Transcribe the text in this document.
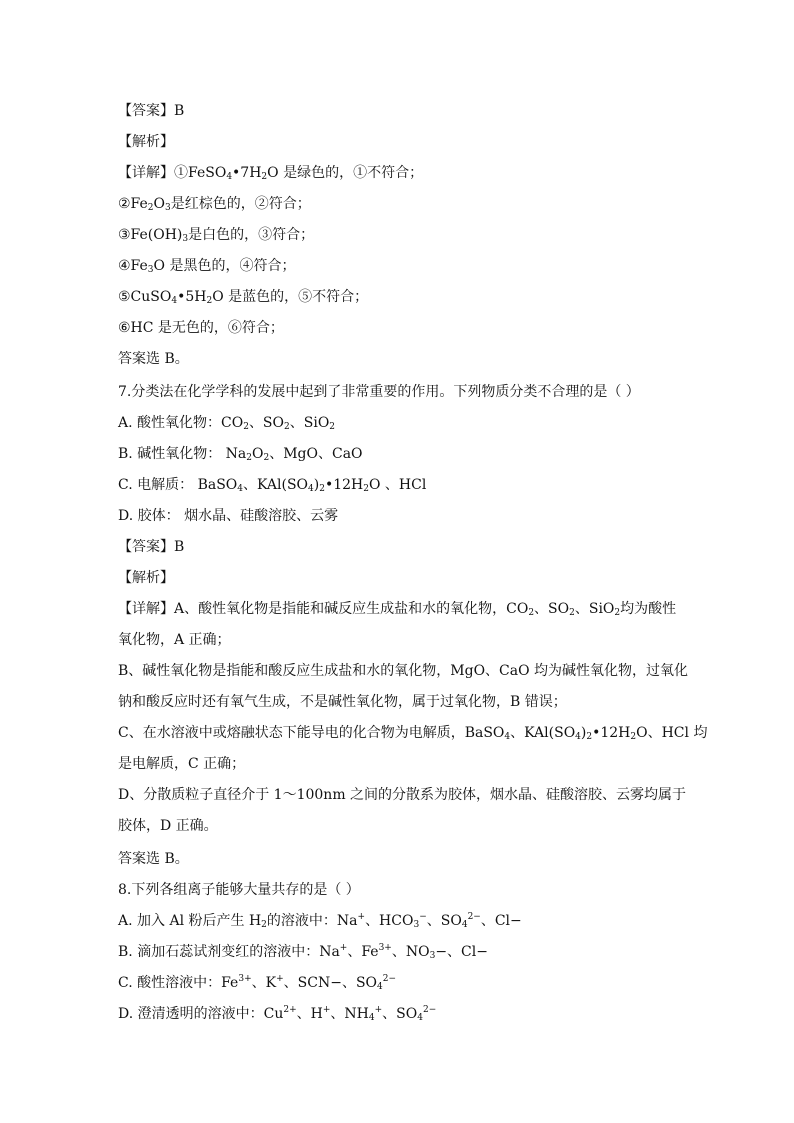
【答案】B
【解析】
【详解】$①FeSO_4•7H_2O$ 是绿色的，①不符合；
$②Fe_2O_3$是红棕色的，②符合；
$③Fe(OH)_3$是白色的，③符合；
$④Fe_3O$ 是黑色的，④符合；
$⑤CuSO_4•5H_2O$ 是蓝色的，⑤不符合；
⑥HC 是无色的，⑥符合；
答案选 B。
7.分类法在化学学科的发展中起到了非常重要的作用。下列物质分类不合理的是（ ）
A. 酸性氧化物：$CO_2$、$SO_2$、SiO$_2$
B. 碱性氧化物： $Na_2O_2$、MgO、CaO
C. 电解质： BaSO$_4$、$KAl(SO_4)_2•12H_2O$ 、HCl
D. 胶体： 烟水晶、硅酸溶胶、云雾
【答案】B
【解析】
【详解】A、酸性氧化物是指能和碱反应生成盐和水的氧化物，$CO_2$、$SO_2$、SiO$_2$均为酸性
氧化物，A 正确；
B、碱性氧化物是指能和酸反应生成盐和水的氧化物，MgO、CaO 均为碱性氧化物，过氧化
钠和酸反应时还有氧气生成，不是碱性氧化物，属于过氧化物，B 错误；
C、在水溶液中或熔融状态下能导电的化合物为电解质，BaSO$_4$、$KAl(SO_4)_2•12H_2O$、HCl 均
是电解质，C 正确；
D、分散质粒子直径介于 1～100nm 之间的分散系为胶体，烟水晶、硅酸溶胶、云雾均属于
胶体，D 正确。
答案选 B。
8.下列各组离子能够大量共存的是（ ）
A. 加入 Al 粉后产生 $H_2$的溶液中：Na+、$HCO_3^-$、$SO_4^{2-}$、Cl−
B. 滴加石蕊试剂变红的溶液中：Na+、$Fe^{3+}$、$NO_3-$、Cl−
C. 酸性溶液中：$Fe^{3+}$、K+、SCN−、$SO_4^{2-}$
D. 澄清透明的溶液中：$Cu^{2+}$、H+、$NH_4^+$、$SO_4^{2-}$
